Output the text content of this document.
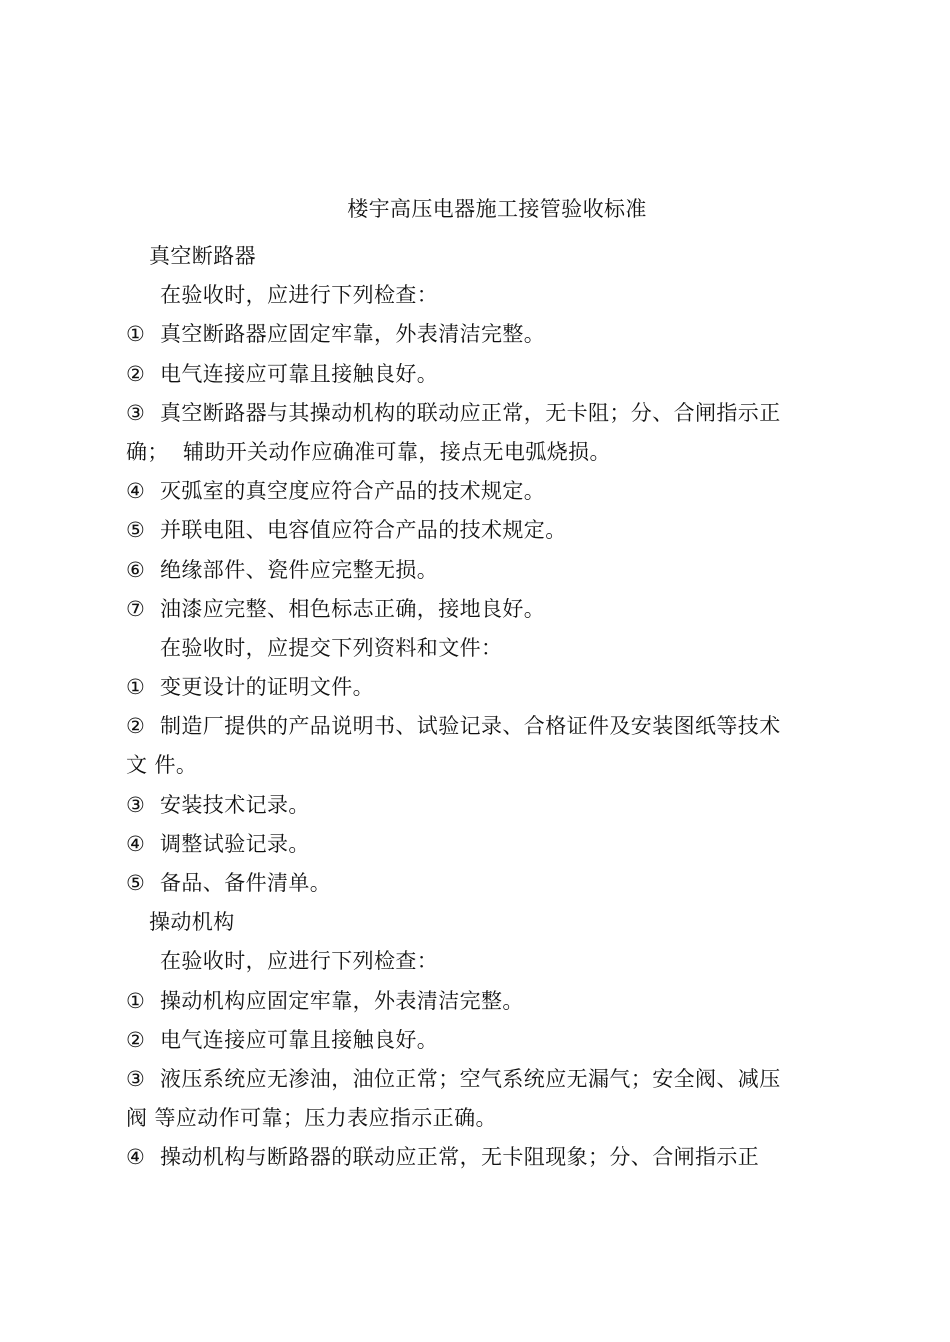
楼宇高压电器施工接管验收标准
真空断路器
在验收时，应进行下列检查：
① 真空断路器应固定牢靠，外表清洁完整。
② 电气连接应可靠且接触良好。
③ 真空断路器与其操动机构的联动应正常，无卡阻；分、合闸指示正
确；  辅助开关动作应确准可靠，接点无电弧烧损。
④ 灭弧室的真空度应符合产品的技术规定。
⑤ 并联电阻、电容值应符合产品的技术规定。
⑥ 绝缘部件、瓷件应完整无损。
⑦ 油漆应完整、相色标志正确，接地良好。
在验收时，应提交下列资料和文件：
① 变更设计的证明文件。
② 制造厂提供的产品说明书、试验记录、合格证件及安装图纸等技术
文 件。
③ 安装技术记录。
④ 调整试验记录。
⑤ 备品、备件清单。
操动机构
在验收时，应进行下列检查：
① 操动机构应固定牢靠，外表清洁完整。
② 电气连接应可靠且接触良好。
③ 液压系统应无渗油，油位正常；空气系统应无漏气；安全阀、减压
阀 等应动作可靠；压力表应指示正确。
④ 操动机构与断路器的联动应正常，无卡阻现象；分、合闸指示正
